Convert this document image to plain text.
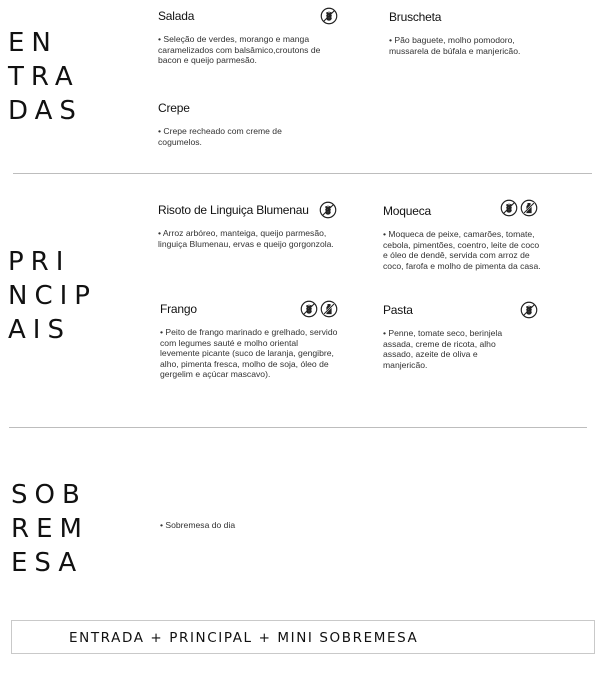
EN
TRA
DAS
Salada
• Seleção de verdes, morango e manga caramelizados com balsâmico,croutons de bacon e queijo parmesão.
Bruscheta
• Pão baguete, molho pomodoro, mussarela de búfala e manjericão.
Crepe
• Crepe recheado com creme de cogumelos.
PRI
NCIP
AIS
Risoto de Linguiça Blumenau
• Arroz arbóreo, manteiga, queijo parmesão, linguiça Blumenau, ervas e queijo gorgonzola.
Moqueca
• Moqueca de peixe, camarões, tomate, cebola, pimentões, coentro, leite de coco e óleo de dendê, servida com arroz de coco, farofa e molho de pimenta da casa.
Frango
• Peito de frango marinado e grelhado, servido com legumes sauté e molho oriental levemente picante (suco de laranja, gengibre, alho, pimenta fresca, molho de soja, óleo de gergelim e açúcar mascavo).
Pasta
• Penne, tomate seco, berinjela assada, creme de ricota, alho assado, azeite de oliva e manjericão.
SOB
REM
ESA
• Sobremesa do dia
ENTRADA + PRINCIPAL + MINI SOBREMESA
